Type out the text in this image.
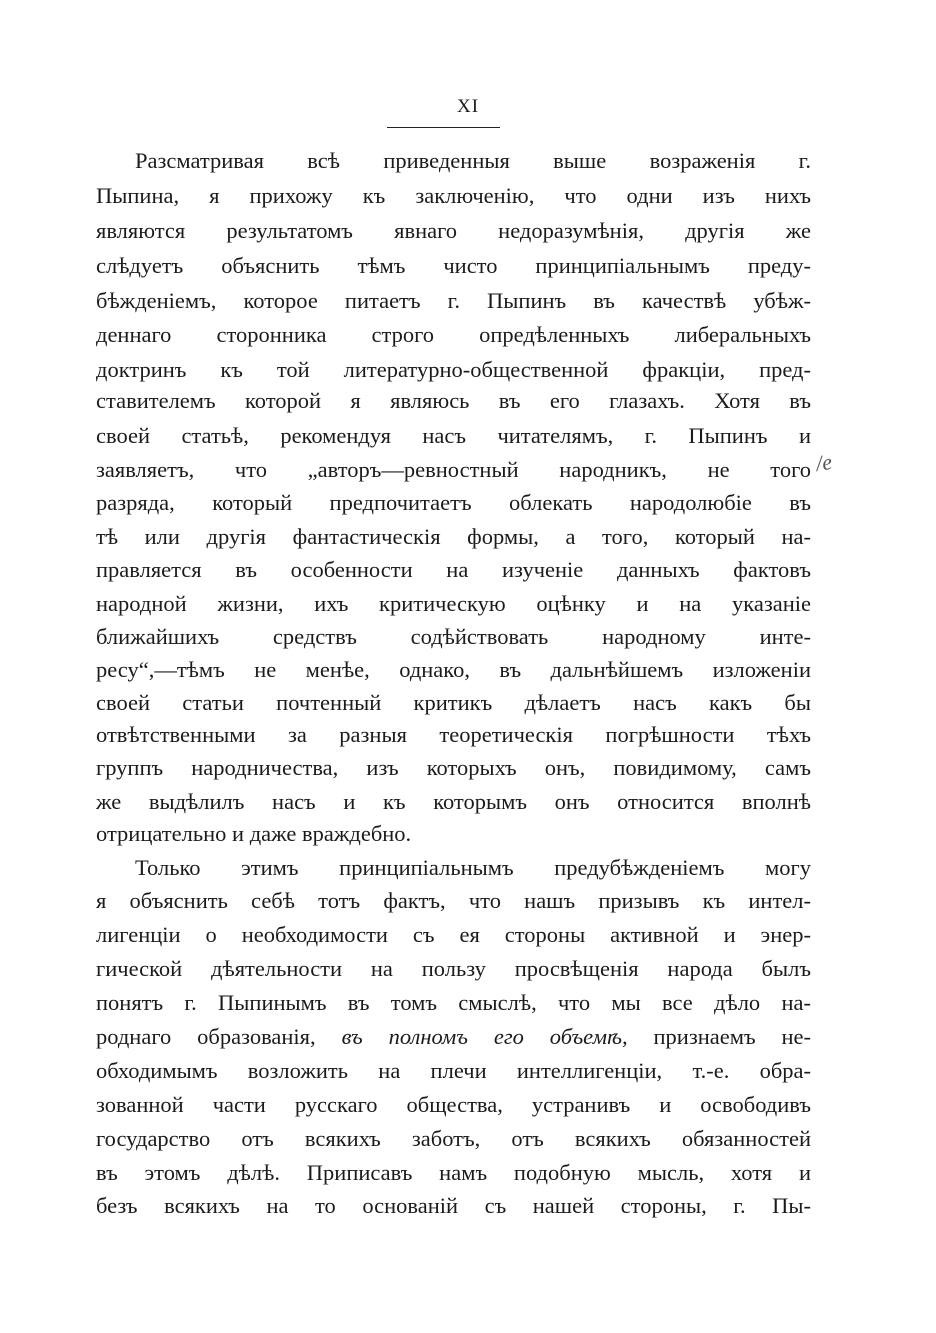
XI
Разсматривая всѣ приведенныя выше возраженія г.
Пыпина, я прихожу къ заключенію, что одни изъ нихъ
являются результатомъ явнаго недоразумѣнія, другія же
слѣдуетъ объяснить тѣмъ чисто принципіальнымъ преду-
бѣжденіемъ, которое питаетъ г. Пыпинъ въ качествѣ убѣж-
деннаго сторонника строго опредѣленныхъ либеральныхъ
доктринъ къ той литературно-общественной фракціи, пред-
ставителемъ которой я являюсь въ его глазахъ. Хотя въ
своей статьѣ, рекомендуя насъ читателямъ, г. Пыпинъ и
заявляетъ, что „авторъ—ревностный народникъ, не того
разряда, который предпочитаетъ облекать народолюбіе въ
тѣ или другія фантастическія формы, а того, который на-
правляется въ особенности на изученіе данныхъ фактовъ
народной жизни, ихъ критическую оцѣнку и на указаніе
ближайшихъ средствъ содѣйствовать народному инте-
ресу“,—тѣмъ не менѣе, однако, въ дальнѣйшемъ изложеніи
своей статьи почтенный критикъ дѣлаетъ насъ какъ бы
отвѣтственными за разныя теоретическія погрѣшности тѣхъ
группъ народничества, изъ которыхъ онъ, повидимому, самъ
же выдѣлилъ насъ и къ которымъ онъ относится вполнѣ
отрицательно и даже враждебно.
Только этимъ принципіальнымъ предубѣжденіемъ могу
я объяснить себѣ тотъ фактъ, что нашъ призывъ къ интел-
лигенціи о необходимости съ ея стороны активной и энер-
гической дѣятельности на пользу просвѣщенія народа былъ
понятъ г. Пыпинымъ въ томъ смыслѣ, что мы все дѣло на-
роднаго образованія, въ полномъ его объемѣ, признаемъ не-
обходимымъ возложить на плечи интеллигенціи, т.-е. обра-
зованной части русскаго общества, устранивъ и освободивъ
государство отъ всякихъ заботъ, отъ всякихъ обязанностей
въ этомъ дѣлѣ. Приписавъ намъ подобную мысль, хотя и
безъ всякихъ на то основаній съ нашей стороны, г. Пы-
/e
